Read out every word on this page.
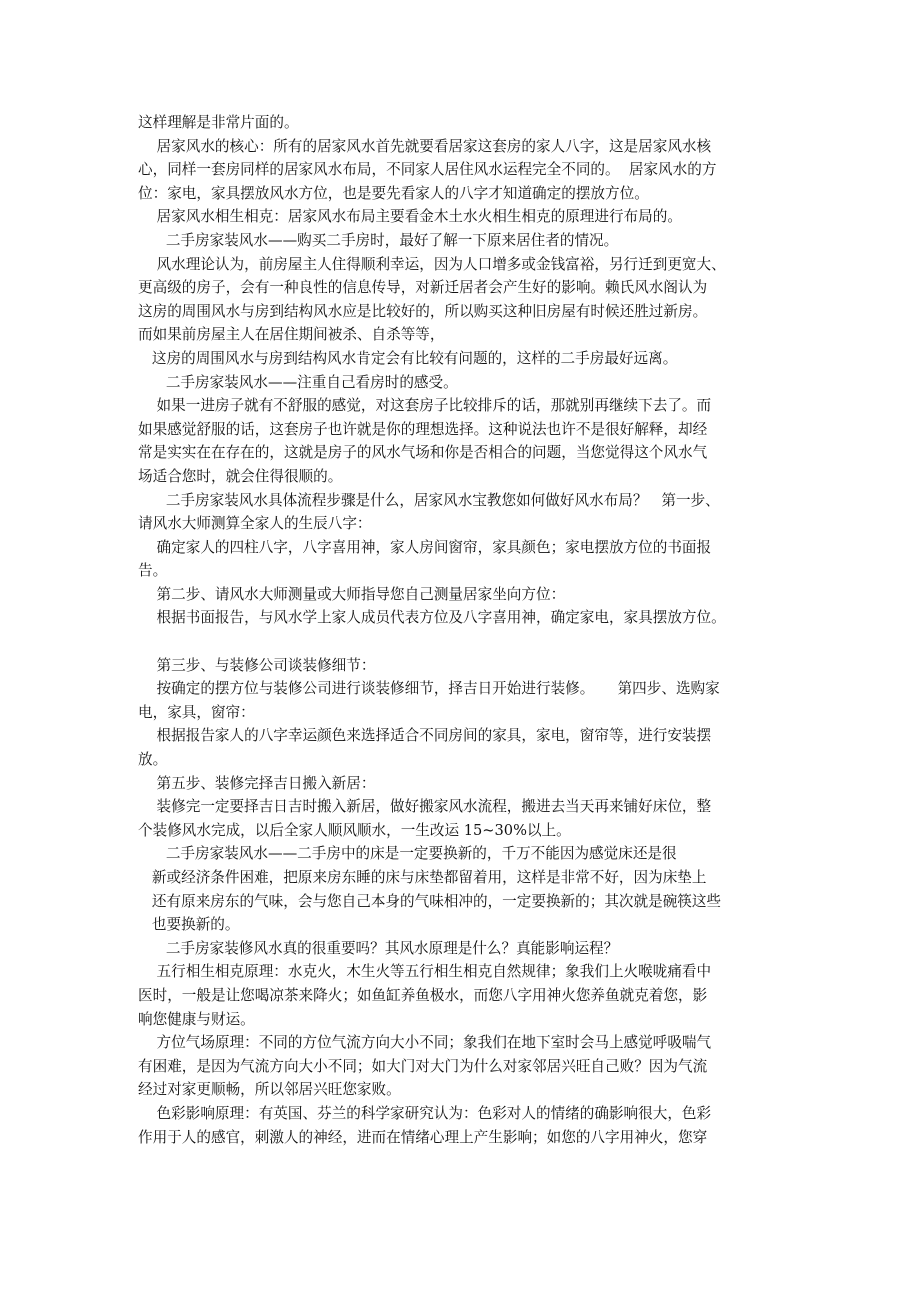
这样理解是非常片面的。
居家风水的核心：所有的居家风水首先就要看居家这套房的家人八字，这是居家风水核
心，同样一套房同样的居家风水布局，不同家人居住风水运程完全不同的。  居家风水的方
位：家电，家具摆放风水方位，也是要先看家人的八字才知道确定的摆放方位。
居家风水相生相克：居家风水布局主要看金木土水火相生相克的原理进行布局的。
二手房家装风水——购买二手房时，最好了解一下原来居住者的情况。
风水理论认为，前房屋主人住得顺利幸运，因为人口增多或金钱富裕，另行迁到更宽大、
更高级的房子，会有一种良性的信息传导，对新迁居者会产生好的影响。赖氏风水阁认为
这房的周围风水与房到结构风水应是比较好的，所以购买这种旧房屋有时候还胜过新房。
而如果前房屋主人在居住期间被杀、自杀等等，
这房的周围风水与房到结构风水肯定会有比较有问题的，这样的二手房最好远离。
二手房家装风水——注重自己看房时的感受。
如果一进房子就有不舒服的感觉，对这套房子比较排斥的话，那就别再继续下去了。而
如果感觉舒服的话，这套房子也许就是你的理想选择。这种说法也许不是很好解释，却经
常是实实在在存在的，这就是房子的风水气场和你是否相合的问题，当您觉得这个风水气
场适合您时，就会住得很顺的。
二手房家装风水具体流程步骤是什么，居家风水宝教您如何做好风水布局？   第一步、
请风水大师测算全家人的生辰八字：
确定家人的四柱八字，八字喜用神，家人房间窗帘，家具颜色；家电摆放方位的书面报
告。
第二步、请风水大师测量或大师指导您自己测量居家坐向方位：
根据书面报告，与风水学上家人成员代表方位及八字喜用神，确定家电，家具摆放方位。
第三步、与装修公司谈装修细节：
按确定的摆方位与装修公司进行谈装修细节，择吉日开始进行装修。     第四步、选购家
电，家具，窗帘：
根据报告家人的八字幸运颜色来选择适合不同房间的家具，家电，窗帘等，进行安装摆
放。
第五步、装修完择吉日搬入新居：
装修完一定要择吉日吉时搬入新居，做好搬家风水流程，搬进去当天再来铺好床位，整
个装修风水完成，以后全家人顺风顺水，一生改运 15~30%以上。
二手房家装风水——二手房中的床是一定要换新的，千万不能因为感觉床还是很
新或经济条件困难，把原来房东睡的床与床垫都留着用，这样是非常不好，因为床垫上
还有原来房东的气味，会与您自己本身的气味相冲的，一定要换新的；其次就是碗筷这些
也要换新的。
二手房家装修风水真的很重要吗？其风水原理是什么？真能影响运程？
五行相生相克原理：水克火，木生火等五行相生相克自然规律；象我们上火喉咙痛看中
医时，一般是让您喝凉茶来降火；如鱼缸养鱼极水，而您八字用神火您养鱼就克着您，影
响您健康与财运。
方位气场原理：不同的方位气流方向大小不同；象我们在地下室时会马上感觉呼吸喘气
有困难，是因为气流方向大小不同；如大门对大门为什么对家邻居兴旺自己败？因为气流
经过对家更顺畅，所以邻居兴旺您家败。
色彩影响原理：有英国、芬兰的科学家研究认为：色彩对人的情绪的确影响很大，色彩
作用于人的感官，刺激人的神经，进而在情绪心理上产生影响；如您的八字用神火，您穿
